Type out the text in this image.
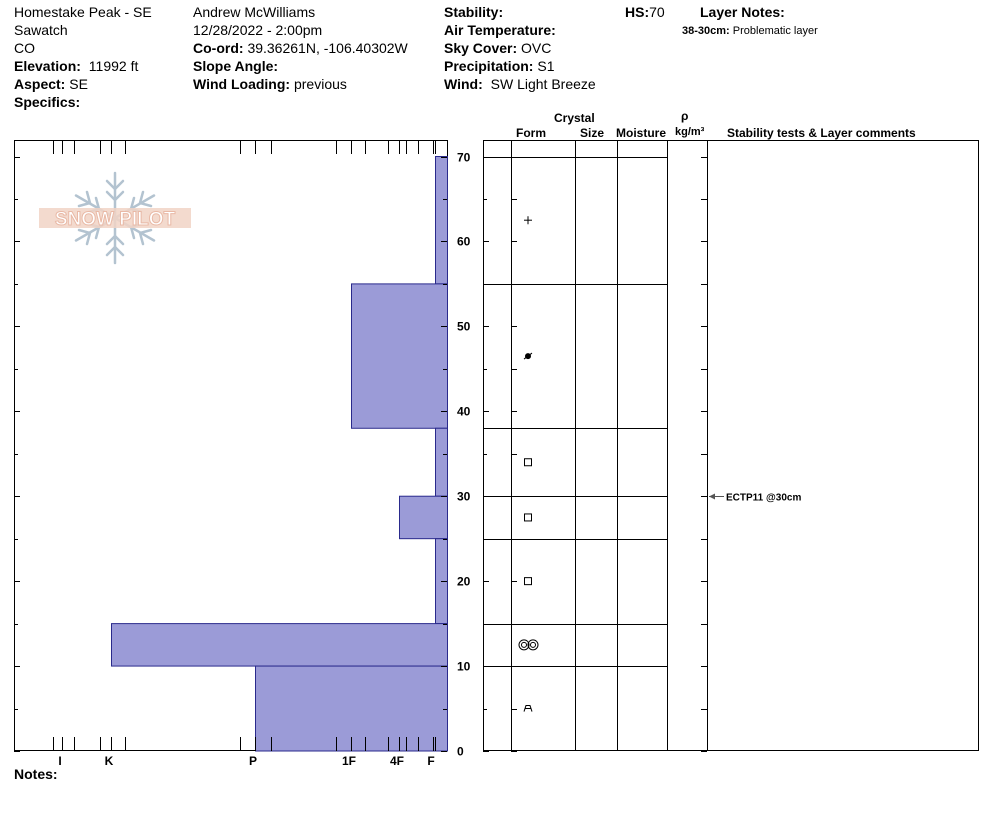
Homestake Peak - SE
Sawatch
CO
Elevation: 11992 ft
Aspect: SE
Specifics:
Andrew McWilliams
12/28/2022 - 2:00pm
Co-ord: 39.36261N, -106.40302W
Slope Angle:
Wind Loading: previous
Stability:
Air Temperature:
Sky Cover: OVC
Precipitation: S1
Wind: SW Light Breeze
HS:70	Layer Notes:
38-30cm: Problematic layer
Crystal
Form	Size Moisture
ρ
kg/m³ Stability tests & Layer comments
Notes:
SNOW PILOT
I	K	P	1F	4F F
0
10
20
30
40
50
60
70
ECTP11 @30cm
